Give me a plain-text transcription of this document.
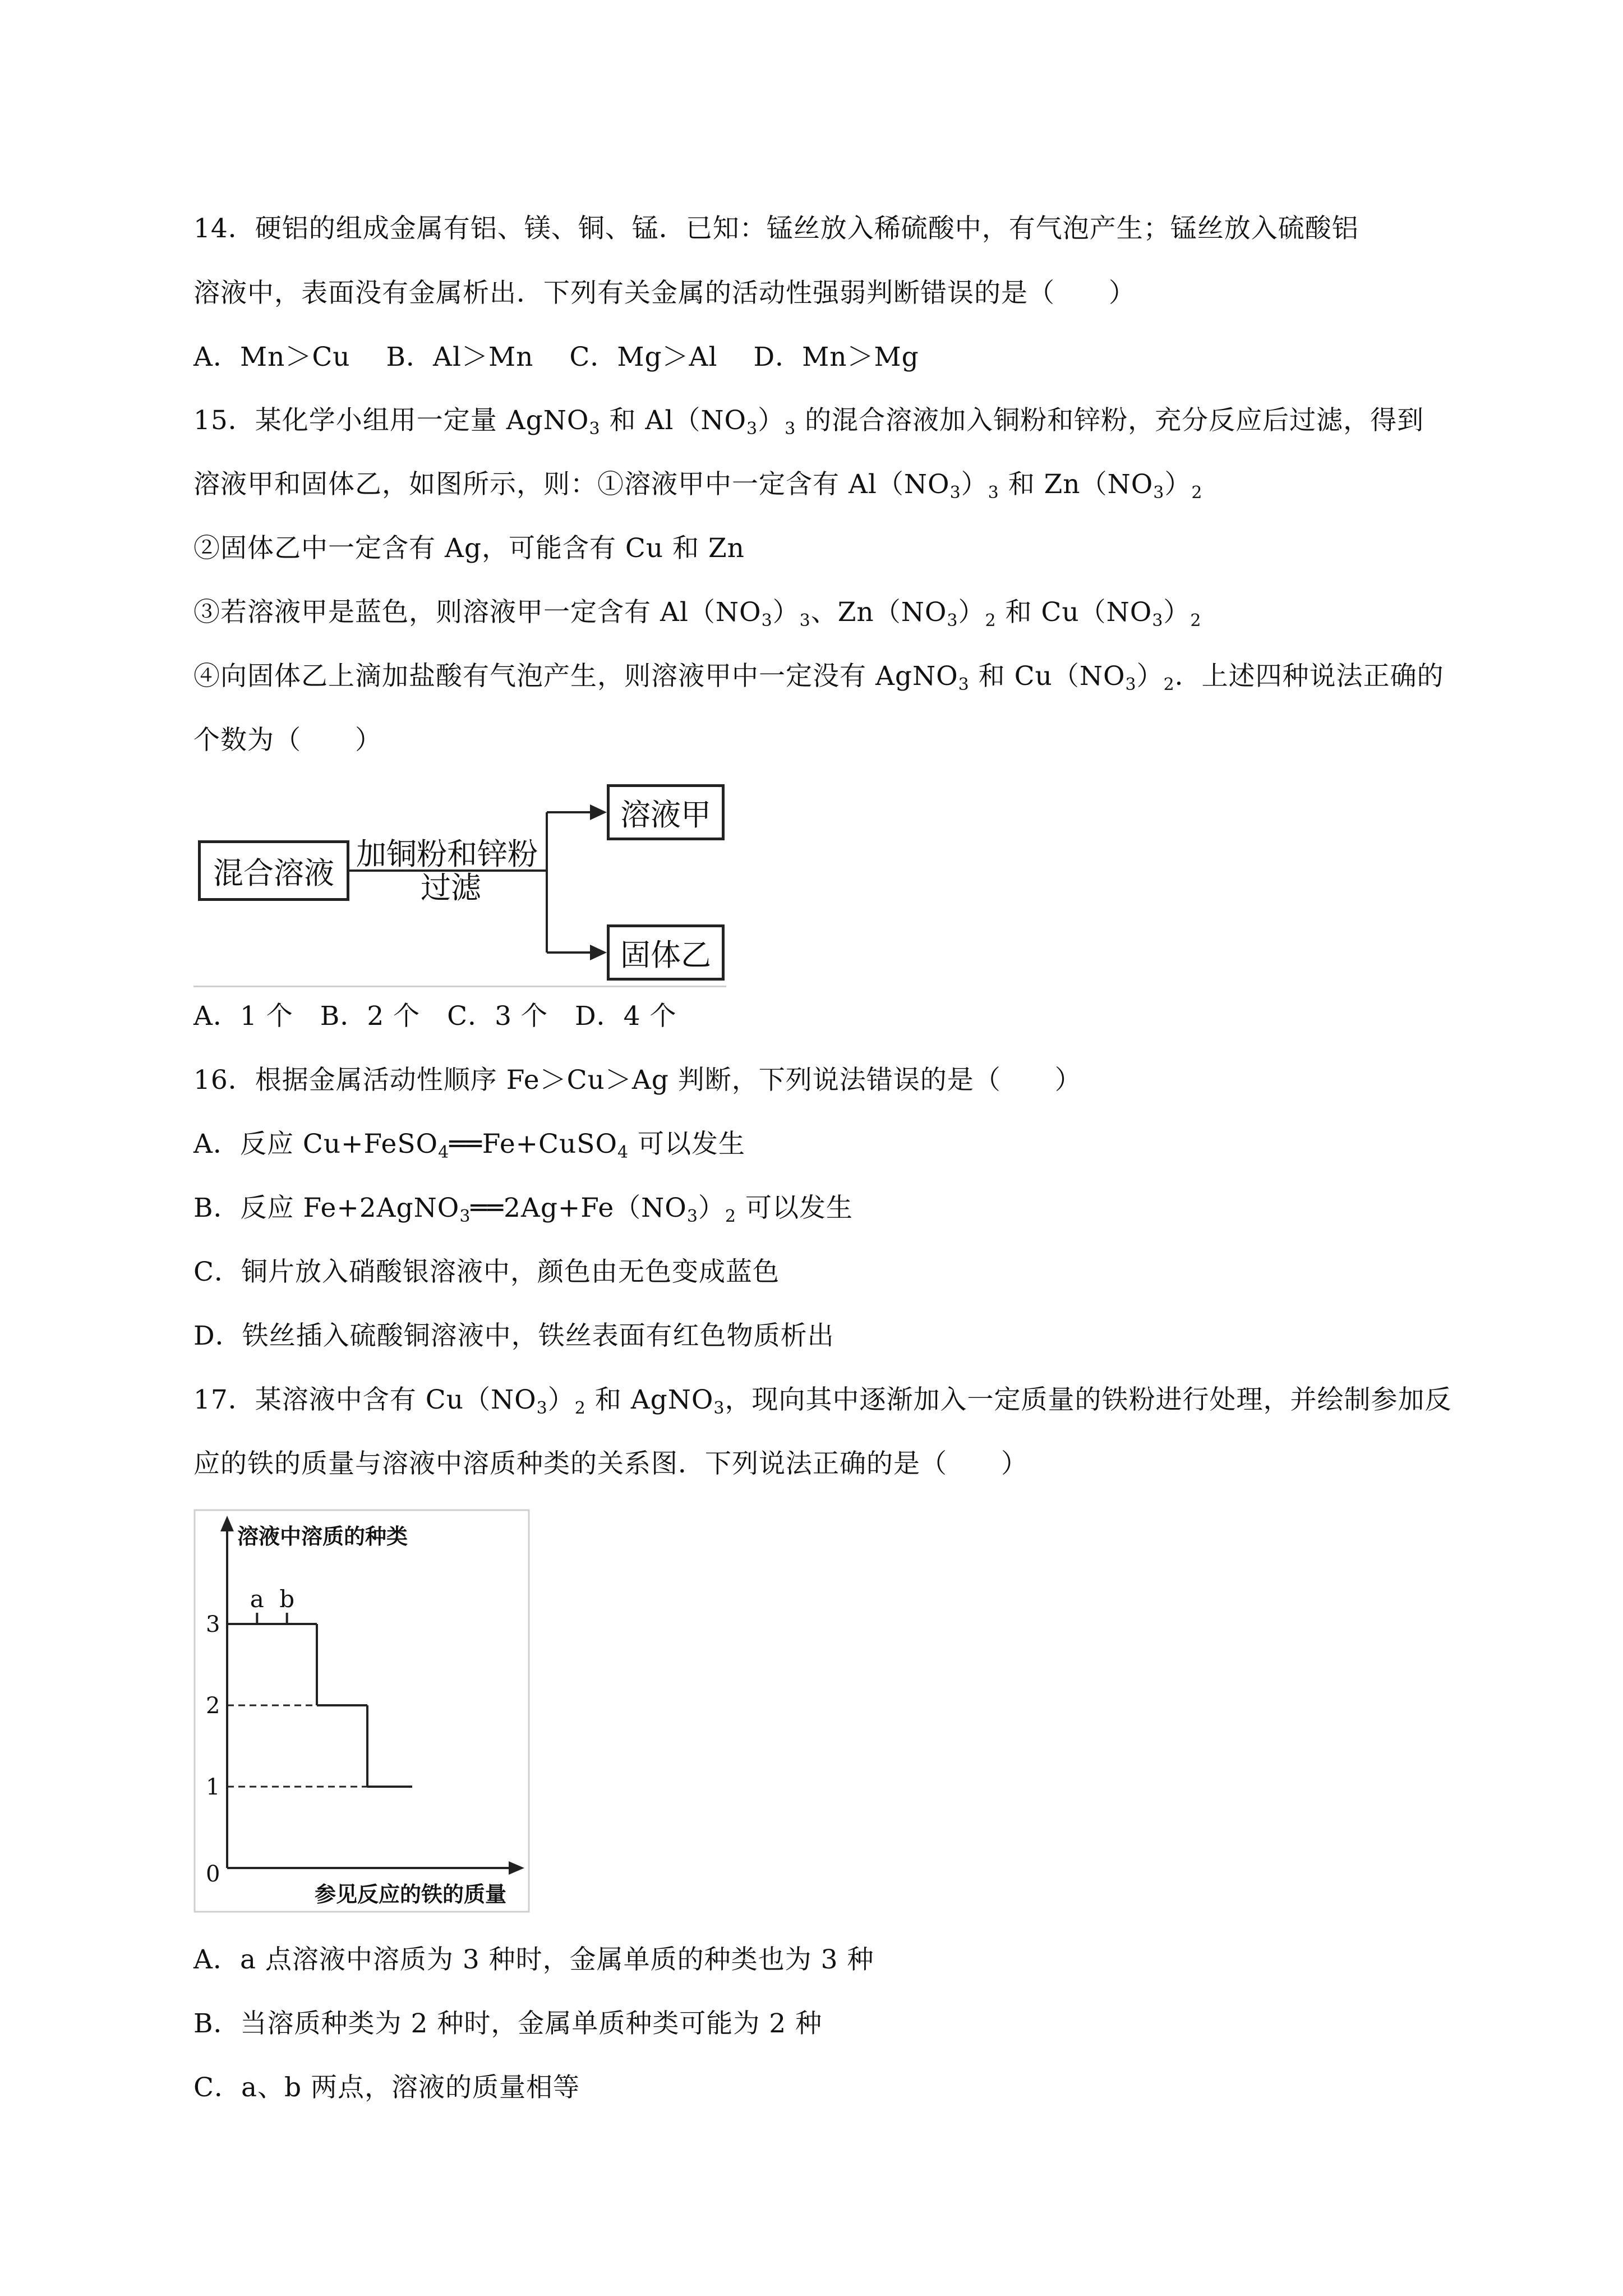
14．硬铝的组成金属有铝、镁、铜、锰．已知：锰丝放入稀硫酸中，有气泡产生；锰丝放入硫酸铝
溶液中，表面没有金属析出．下列有关金属的活动性强弱判断错误的是（　　）
A．Mn＞Cu　 B．Al＞Mn　 C．Mg＞Al　 D．Mn＞Mg
15．某化学小组用一定量 AgNO$_3$ 和 $Al(NO_3)_3$ 的混合溶液加入铜粉和锌粉，充分反应后过滤，得到
溶液甲和固体乙，如图所示，则：①溶液甲中一定含有 $Al(NO_3)_3$ 和 $Zn(NO_3)_2$
②固体乙中一定含有 Ag，可能含有 Cu 和 Zn
③若溶液甲是蓝色，则溶液甲一定含有 $Al(NO_3)_3$、$Zn(NO_3)_2$ 和 $Cu(NO_3)_2$
④向固体乙上滴加盐酸有气泡产生，则溶液甲中一定没有 AgNO$_3$ 和 $Cu(NO_3)_2$．上述四种说法正确的
个数为（　　）
混合溶液
溶液甲
固体乙
加铜粉和锌粉
过滤
A．1 个　B．2 个　C．3 个　D．4 个
16．根据金属活动性顺序 Fe＞Cu＞Ag 判断，下列说法错误的是（　　）
A．反应 Cu+FeSO$_4$══Fe+CuSO$_4$ 可以发生
B．反应 $Fe+2AgNO_3══2Ag+Fe(NO_3)_2$ 可以发生
C．铜片放入硝酸银溶液中，颜色由无色变成蓝色
D．铁丝插入硫酸铜溶液中，铁丝表面有红色物质析出
17．某溶液中含有 $Cu(NO_3)_2$ 和 AgNO$_3$，现向其中逐渐加入一定质量的铁粉进行处理，并绘制参加反
应的铁的质量与溶液中溶质种类的关系图．下列说法正确的是（　　）
溶液中溶质的种类
参见反应的铁的质量
0
1
2
3
a b
A．a 点溶液中溶质为 3 种时，金属单质的种类也为 3 种
B．当溶质种类为 2 种时，金属单质种类可能为 2 种
C．a、b 两点，溶液的质量相等
